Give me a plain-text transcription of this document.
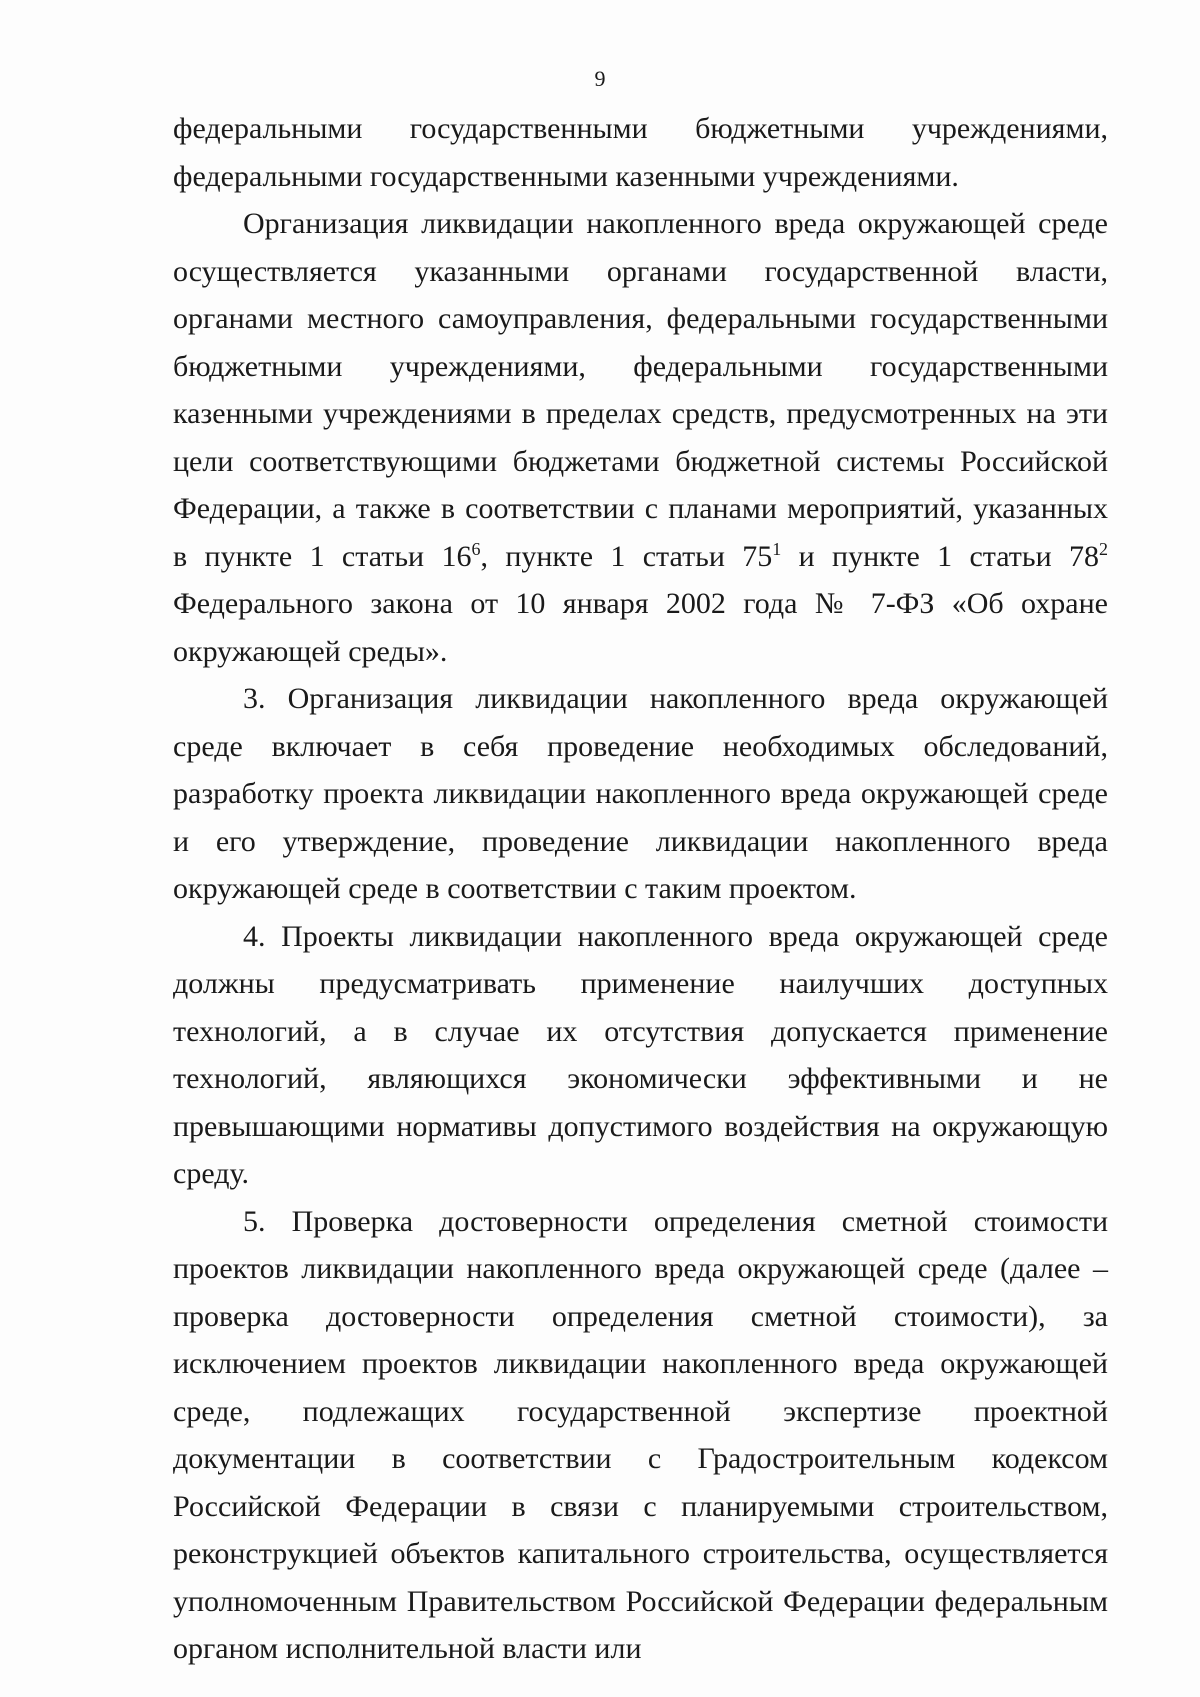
9

федеральными государственными бюджетными учреждениями, федеральными государственными казенными учреждениями.

Организация ликвидации накопленного вреда окружающей среде осуществляется указанными органами государственной власти, органами местного самоуправления, федеральными государственными бюджетными учреждениями, федеральными государственными казенными учреждениями в пределах средств, предусмотренных на эти цели соответствующими бюджетами бюджетной системы Российской Федерации, а также в соответствии с планами мероприятий, указанных в пункте 1 статьи $16^6$, пункте 1 статьи $75^1$ и пункте 1 статьи $78^2$ Федерального закона от 10 января 2002 года № 7-ФЗ «Об охране окружающей среды».

3. Организация ликвидации накопленного вреда окружающей среде включает в себя проведение необходимых обследований, разработку проекта ликвидации накопленного вреда окружающей среде и его утверждение, проведение ликвидации накопленного вреда окружающей среде в соответствии с таким проектом.

4. Проекты ликвидации накопленного вреда окружающей среде должны предусматривать применение наилучших доступных технологий, а в случае их отсутствия допускается применение технологий, являющихся экономически эффективными и не превышающими нормативы допустимого воздействия на окружающую среду.

5. Проверка достоверности определения сметной стоимости проектов ликвидации накопленного вреда окружающей среде (далее – проверка достоверности определения сметной стоимости), за исключением проектов ликвидации накопленного вреда окружающей среде, подлежащих государственной экспертизе проектной документации в соответствии с Градостроительным кодексом Российской Федерации в связи с планируемыми строительством, реконструкцией объектов капитального строительства, осуществляется уполномоченным Правительством Российской Федерации федеральным органом исполнительной власти или
